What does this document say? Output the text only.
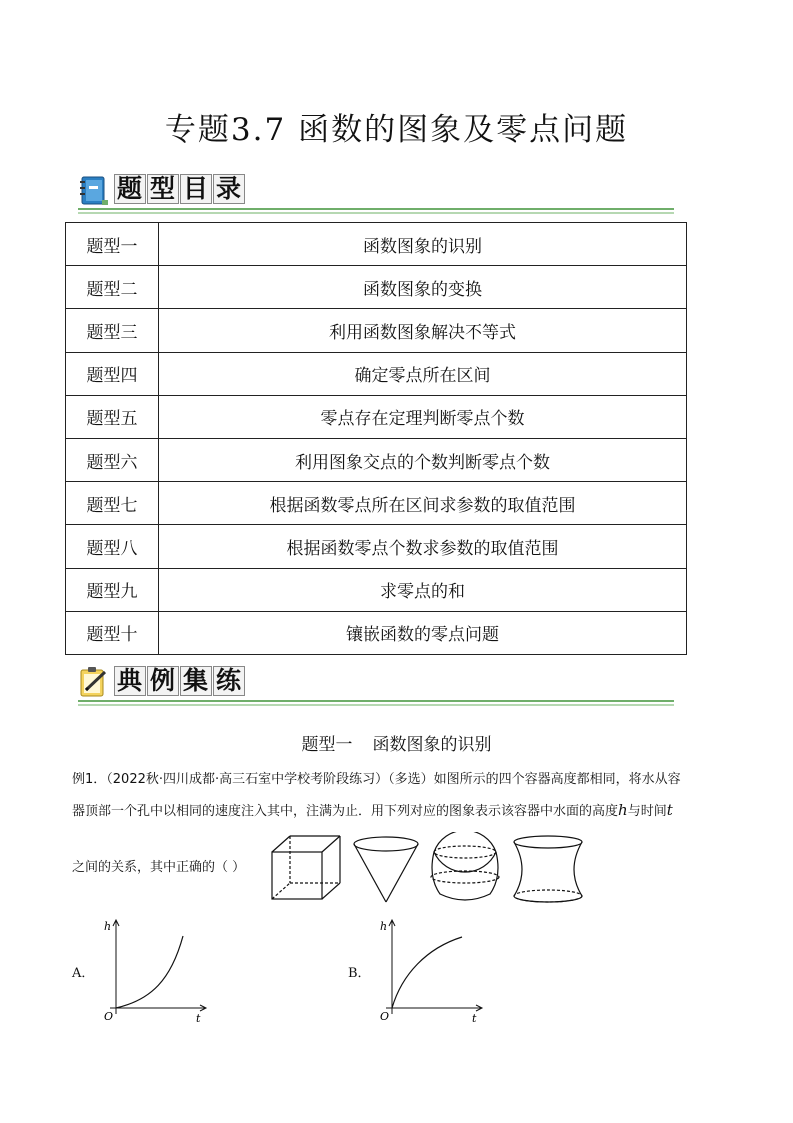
专题3.7 函数的图象及零点问题
题 型 目 录
题型一	函数图象的识别
题型二	函数图象的变换
题型三	利用函数图象解决不等式
题型四	确定零点所在区间
题型五	零点存在定理判断零点个数
题型六	利用图象交点的个数判断零点个数
题型七	根据函数零点所在区间求参数的取值范围
题型八	根据函数零点个数求参数的取值范围
题型九	求零点的和
题型十	镶嵌函数的零点问题
典 例 集 练
题型一 函数图象的识别
例1．（2022秋·四川成都·高三石室中学校考阶段练习）（多选）如图所示的四个容器高度都相同，将水从容
器顶部一个孔中以相同的速度注入其中，注满为止．用下列对应的图象表示该容器中水面的高度h与时间t
之间的关系，其中正确的（ ）
A．
h
O	t
B．
h
O	t
